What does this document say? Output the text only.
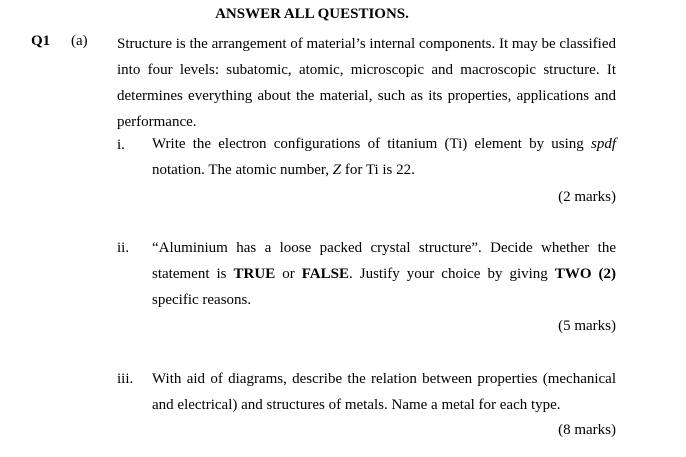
ANSWER ALL QUESTIONS.
Q1 (a) Structure is the arrangement of material’s internal components. It may be classified into four levels: subatomic, atomic, microscopic and macroscopic structure. It determines everything about the material, such as its properties, applications and performance.
i. Write the electron configurations of titanium (Ti) element by using spdf notation. The atomic number, Z for Ti is 22.
(2 marks)
ii. “Aluminium has a loose packed crystal structure”. Decide whether the statement is TRUE or FALSE. Justify your choice by giving TWO (2) specific reasons.
(5 marks)
iii. With aid of diagrams, describe the relation between properties (mechanical and electrical) and structures of metals. Name a metal for each type.
(8 marks)
